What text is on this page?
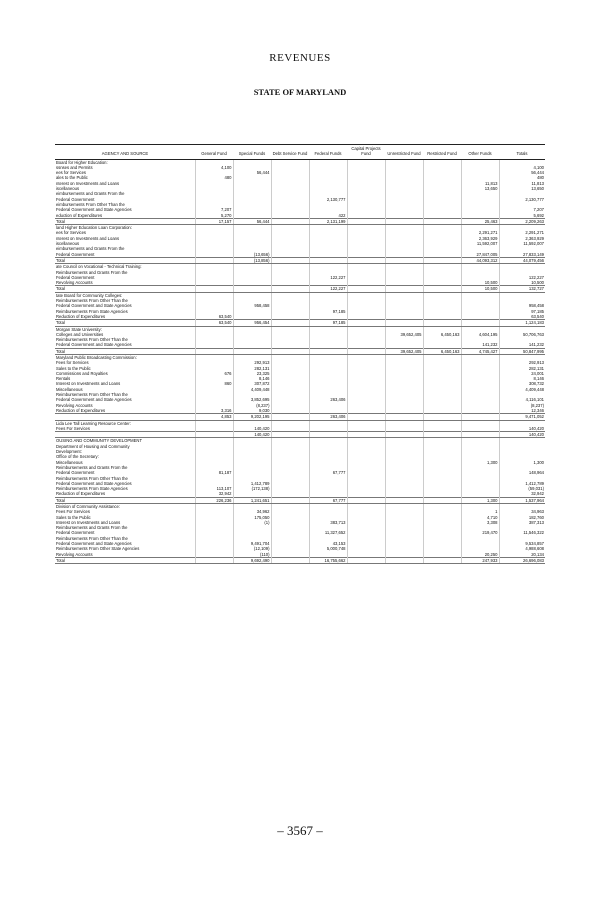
REVENUES
STATE OF MARYLAND
AGENCY AND SOURCE	General Fund	Special Funds	Debt Service Fund	Federal Funds	Capital Projects Fund	Unrestricted Fund	Restricted Fund	Other Funds	Totals
Board for Higher Education:									
ssnses and Permits	4,100								4,100
ees for Services		56,444							56,444
ales to the Public	480								480
nterest on Investments and Loans								11,813	11,813
iscellaneous								13,650	13,650
eimbursements and Grants From the									
Federal Government				2,130,777					2,130,777
eimbursements From Other Than the									
Federal Government and State Agencies	7,207								7,207
eduction of Expenditures	5,270			422					5,692
Total	17,157	56,444		2,131,199				25,463	2,209,263
land Higher Education Loan Corporation:									
ees for Services								2,291,271	2,291,271
nterest on Investments and Loans								2,363,929	2,363,929
iscellaneous								11,592,007	11,592,007
eimbursements and Grants From the									
Federal Government		(13,656)						27,847,005	27,833,149
Total		(13,856)						44,093,312	44,079,456
ate Council on Vocational - Technical Training:									
Reimbursements and Grants From the									
Federal Government				122,227					122,227
Revolving Accounts								10,500	10,500
Total				122,227				10,500	132,727
tate Board for Community Colleges:									
Reimbursements From Other Than the									
Federal Government and State Agencies		958,458							958,458
Reimbursements From State Agencies				97,185					97,185
Reduction of Expenditures	63,540								63,540
Total	63,540	956,454		97,185					1,124,183
Morgan State University:									
Colleges and Universities						39,652,405	6,450,163	4,604,195	50,706,763
Reimbursements From Other Than the									
Federal Government and State Agencies								141,232	141,232
Total						39,652,405	6,450,163	4,745,427	50,847,995
Maryland Public Broadcasting Commission:									
Fees for Services		292,913							292,913
Sales to the Public		282,131							282,131
Commissions and Royalties	676	23,325							24,001
Rentals		8,146							8,146
Interest on Investments and Loans	860	307,872							308,732
Miscellaneous		4,409,448							4,409,448
Reimbursements From Other Than the									
Federal Government and State Agencies		3,852,695		263,406					4,116,101
Revolving Accounts		(8,237)							(8,237)
Reduction of Expenditures	3,316	9,030							12,346
	4,853	9,202,195		263,406					9,471,052
Lida Lee Tall Learning Resource Center:									
Fees For Services		140,420							140,420
		140,420							140,420
OUSING AND COMMUNITY DEVELOPMENT									
Department of Housing and Community									
Development:									
Office of the Secretary:									
Miscellaneous								1,300	1,300
Reimbursements and Grants From the									
Federal Government	81,187			67,777					148,964
Reimbursements From Other Than the									
Federal Government and State Agencies		1,412,789							1,412,789
Reimbursements From State Agencies	113,107	(172,138)							(59,031)
Reduction of Expenditures	32,942								32,942
Total	226,236	1,241,651		67,777				1,300	1,537,964
Division of Community Assistance:									
Fees For Services		34,962						1	34,963
Sales to the Public		175,050						4,710	182,760
Interest on Investments and Loans		(1)		383,713				3,308	387,313
Reimbursements and Grants From the									
Federal Government				11,327,652				219,470	11,546,322
Reimbursements From Other Than the									
Federal Government and State Agencies		9,491,704		43,153					9,534,857
Reimbursements From Other State Agencies		(12,109)		5,000,748					4,988,608
Revolving Accounts		(110)						20,250	20,134
Total		9,692,490		16,755,662				247,933	26,696,083
– 3567 –
